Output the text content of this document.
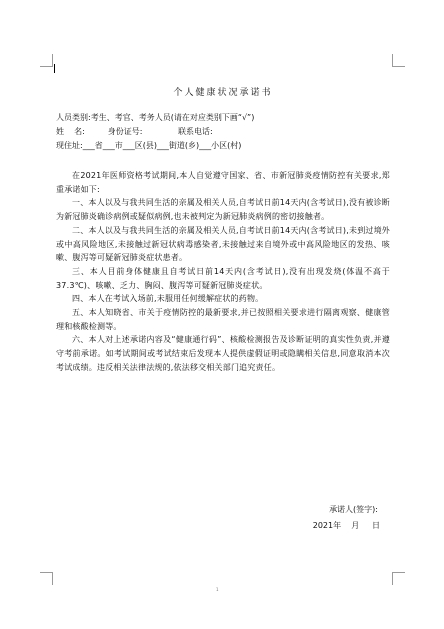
个人健康状况承诺书
人员类别:考生、考官、考务人员(请在对应类别下画“√”)
姓    名:         身份证号:              联系电话:
现住址:___省___市___区(县)___街道(乡)___小区(村)

在2021年医师资格考试期间,本人自觉遵守国家、省、市新冠肺炎疫情防控有关要求,郑重承诺如下:

一、本人以及与我共同生活的亲属及相关人员,自考试日前14天内(含考试日),没有被诊断为新冠肺炎确诊病例或疑似病例,也未被判定为新冠肺炎病例的密切接触者。

二、本人以及与我共同生活的亲属及相关人员,自考试日前14天内(含考试日),未到过境外或中高风险地区,未接触过新冠状病毒感染者,未接触过来自境外或中高风险地区的发热、咳嗽、腹泻等可疑新冠肺炎症状患者。

三、本人目前身体健康且自考试日前14天内(含考试日),没有出现发烧(体温不高于37.3℃)、咳嗽、乏力、胸闷、腹泻等可疑新冠肺炎症状。

四、本人在考试入场前,未服用任何缓解症状的药物。

五、本人知晓省、市关于疫情防控的最新要求,并已按照相关要求进行隔离观察、健康管理和核酸检测等。

六、本人对上述承诺内容及“健康通行码”、核酸检测报告及诊断证明的真实性负责,并遵守考前承诺。如考试期间或考试结束后发现本人提供虚假证明或隐瞒相关信息,同意取消本次考试成绩。违反相关法律法规的,依法移交相关部门追究责任。

承诺人(签字):
2021年    月     日
1
